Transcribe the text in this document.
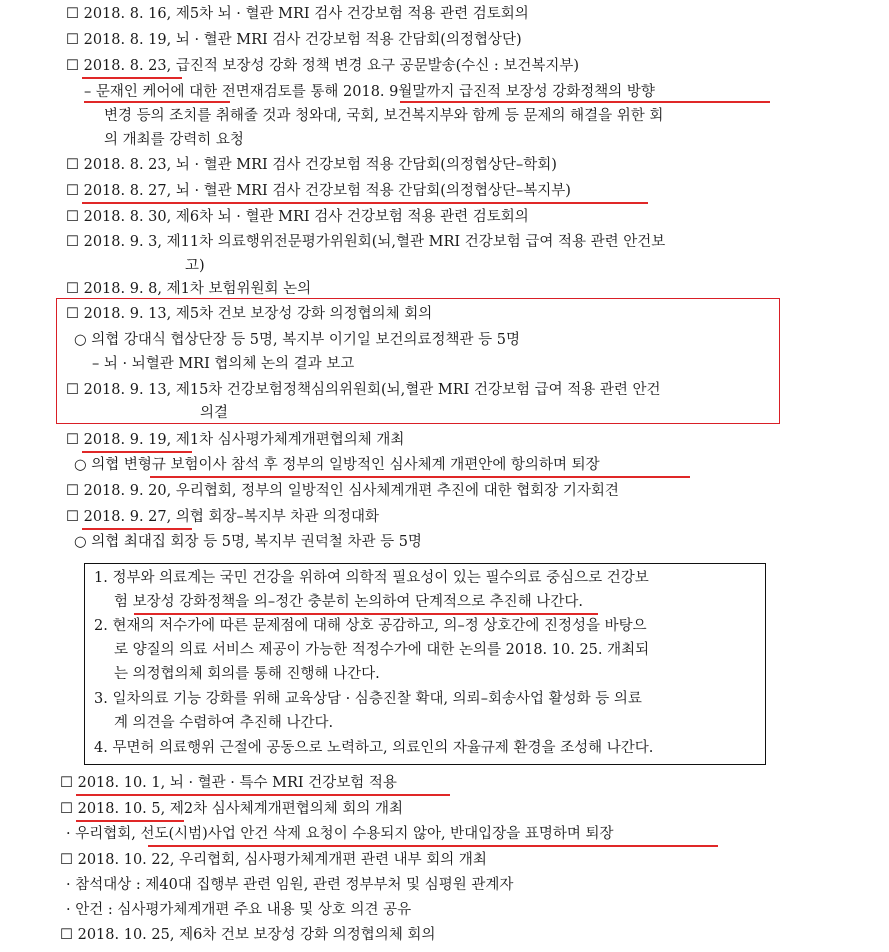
☐ 2018. 8. 16, 제5차 뇌 · 혈관 MRI 검사 건강보험 적용 관련 검토회의
☐ 2018. 8. 19, 뇌 · 혈관 MRI 검사 건강보험 적용 간담회(의정협상단)
☐ 2018. 8. 23, 급진적 보장성 강화 정책 변경 요구 공문발송(수신 : 보건복지부)
– 문재인 케어에 대한 전면재검토를 통해 2018. 9월말까지 급진적 보장성 강화정책의 방향
변경 등의 조치를 취해줄 것과 청와대, 국회, 보건복지부와 함께 등 문제의 해결을 위한 회
의 개최를 강력히 요청
☐ 2018. 8. 23, 뇌 · 혈관 MRI 검사 건강보험 적용 간담회(의정협상단–학회)
☐ 2018. 8. 27, 뇌 · 혈관 MRI 검사 건강보험 적용 간담회(의정협상단–복지부)
☐ 2018. 8. 30, 제6차 뇌 · 혈관 MRI 검사 건강보험 적용 관련 검토회의
☐ 2018. 9. 3, 제11차 의료행위전문평가위원회(뇌,혈관 MRI 건강보험 급여 적용 관련 안건보
고)
☐ 2018. 9. 8, 제1차 보험위원회 논의
☐ 2018. 9. 13, 제5차 건보 보장성 강화 의정협의체 회의
○ 의협 강대식 협상단장 등 5명, 복지부 이기일 보건의료정책관 등 5명
– 뇌 · 뇌혈관 MRI 협의체 논의 결과 보고
☐ 2018. 9. 13, 제15차 건강보험정책심의위원회(뇌,혈관 MRI 건강보험 급여 적용 관련 안건
의결
☐ 2018. 9. 19, 제1차 심사평가체계개편협의체 개최
○ 의협 변형규 보험이사 참석 후 정부의 일방적인 심사체계 개편안에 항의하며 퇴장
☐ 2018. 9. 20, 우리협회, 정부의 일방적인 심사체계개편 추진에 대한 협회장 기자회견
☐ 2018. 9. 27, 의협 회장–복지부 차관 의정대화
○ 의협 최대집 회장 등 5명, 복지부 권덕철 차관 등 5명
1. 정부와 의료계는 국민 건강을 위하여 의학적 필요성이 있는 필수의료 중심으로 건강보
험 보장성 강화정책을 의–정간 충분히 논의하여 단계적으로 추진해 나간다.
2. 현재의 저수가에 따른 문제점에 대해 상호 공감하고, 의–정 상호간에 진정성을 바탕으
로 양질의 의료 서비스 제공이 가능한 적정수가에 대한 논의를 2018. 10. 25. 개최되
는 의정협의체 회의를 통해 진행해 나간다.
3. 일차의료 기능 강화를 위해 교육상담 · 심층진찰 확대, 의뢰–회송사업 활성화 등 의료
계 의견을 수렴하여 추진해 나간다.
4. 무면허 의료행위 근절에 공동으로 노력하고, 의료인의 자율규제 환경을 조성해 나간다.
☐ 2018. 10. 1, 뇌 · 혈관 · 특수 MRI 건강보험 적용
☐ 2018. 10. 5, 제2차 심사체계개편협의체 회의 개최
· 우리협회, 선도(시범)사업 안건 삭제 요청이 수용되지 않아, 반대입장을 표명하며 퇴장
☐ 2018. 10. 22, 우리협회, 심사평가체계개편 관련 내부 회의 개최
· 참석대상 : 제40대 집행부 관련 임원, 관련 정부부처 및 심평원 관계자
· 안건 : 심사평가체계개편 주요 내용 및 상호 의견 공유
☐ 2018. 10. 25, 제6차 건보 보장성 강화 의정협의체 회의
